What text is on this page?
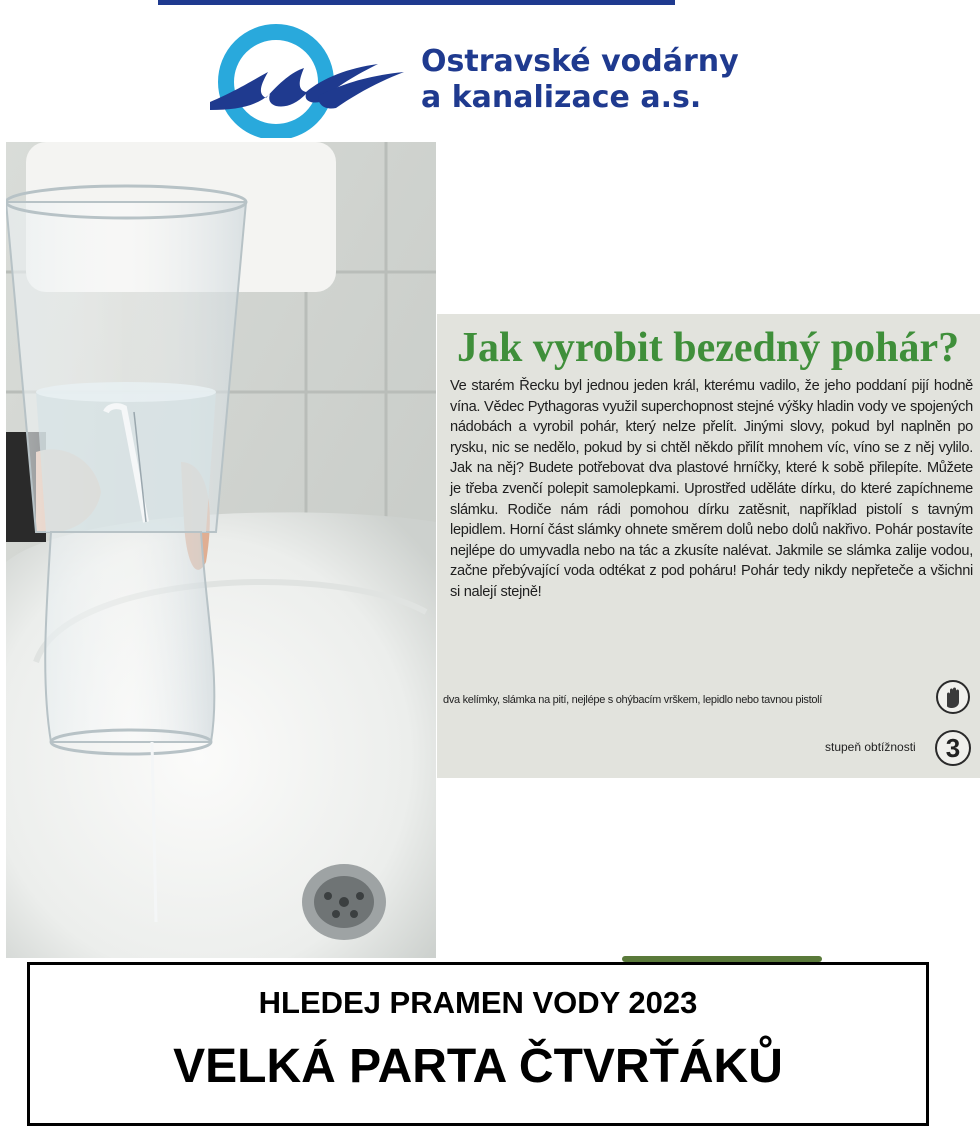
Ostravské vodárny
a kanalizace a.s.
Jak vyrobit bezedný pohár?
Ve starém Řecku byl jednou jeden král, kterému vadilo, že jeho poddaní pijí hodně vína. Vědec Pythagoras využil superchopnost stejné výšky hladin vody ve spojených nádobách a vyrobil pohár, který nelze přelít. Jinými slovy, pokud byl naplněn po rysku, nic se nedělo, pokud by si chtěl někdo přilít mnohem víc, víno se z něj vylilo. Jak na něj? Budete potřebovat dva plastové hrníčky, které k sobě přilepíte. Můžete je třeba zvenčí polepit samolepkami. Uprostřed uděláte dírku, do které zapíchneme slámku. Rodiče nám rádi pomohou dírku zatěsnit, například pistolí s tavným lepidlem. Horní část slámky ohnete směrem dolů nebo dolů nakřivo. Pohár postavíte nejlépe do umyvadla nebo na tác a zkusíte nalévat. Jakmile se slámka zalije vodou, začne přebývající voda odtékat z pod poháru! Pohár tedy nikdy nepřeteče a všichni si nalejí stejně!
dva kelímky, slámka na pití, nejlépe s ohýbacím vrškem, lepidlo nebo tavnou pistolí
stupeň obtížnosti	3
HLEDEJ PRAMEN VODY 2023
VELKÁ PARTA ČTVRŤÁKŮ
